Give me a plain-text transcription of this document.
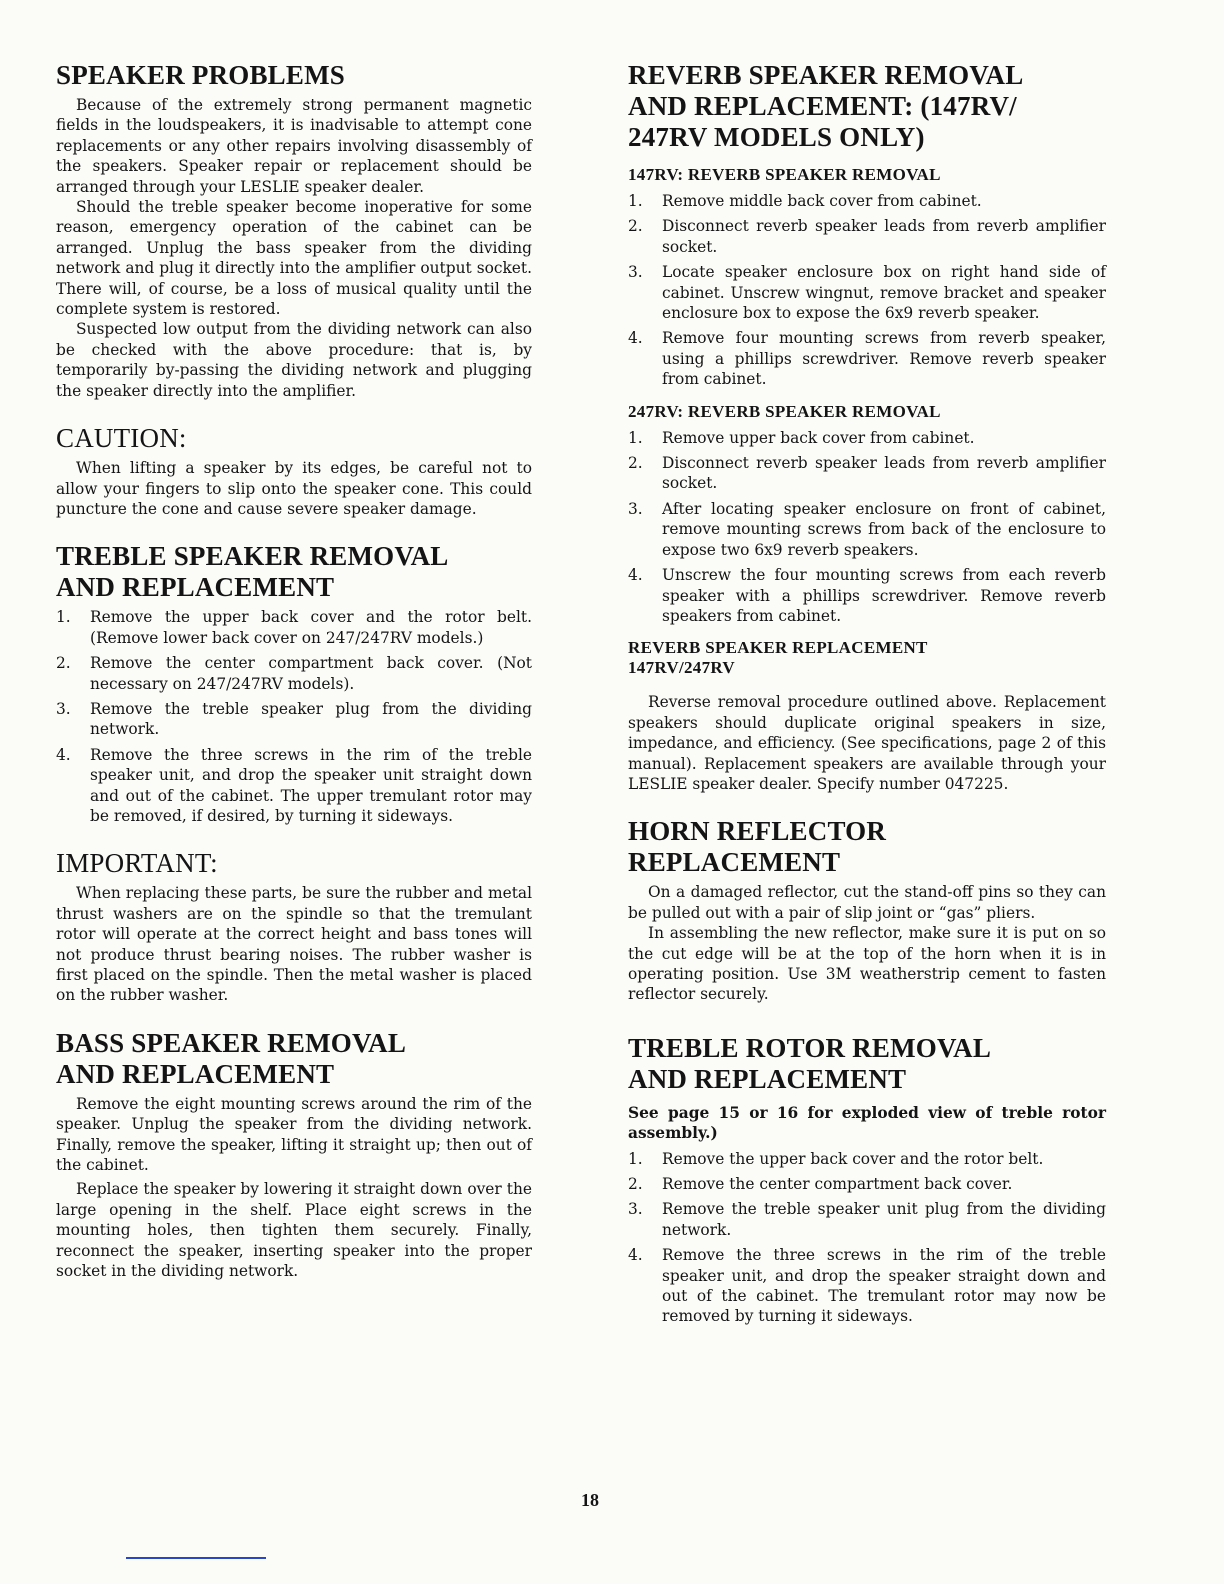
SPEAKER PROBLEMS

Because of the extremely strong permanent magnetic fields in the loudspeakers, it is inadvisable to attempt cone replacements or any other repairs involving disassembly of the speakers. Speaker repair or replacement should be arranged through your LESLIE speaker dealer.

Should the treble speaker become inoperative for some reason, emergency operation of the cabinet can be arranged. Unplug the bass speaker from the dividing network and plug it directly into the amplifier output socket. There will, of course, be a loss of musical quality until the complete system is restored.

Suspected low output from the dividing network can also be checked with the above procedure: that is, by temporarily by-passing the dividing network and plugging the speaker directly into the amplifier.

CAUTION:

When lifting a speaker by its edges, be careful not to allow your fingers to slip onto the speaker cone. This could puncture the cone and cause severe speaker damage.

TREBLE SPEAKER REMOVAL
AND REPLACEMENT
1. Remove the upper back cover and the rotor belt. (Remove lower back cover on 247/247RV models.)
2. Remove the center compartment back cover. (Not necessary on 247/247RV models).
3. Remove the treble speaker plug from the dividing network.
4. Remove the three screws in the rim of the treble speaker unit, and drop the speaker unit straight down and out of the cabinet. The upper tremulant rotor may be removed, if desired, by turning it sideways.
IMPORTANT:

When replacing these parts, be sure the rubber and metal thrust washers are on the spindle so that the tremulant rotor will operate at the correct height and bass tones will not produce thrust bearing noises. The rubber washer is first placed on the spindle. Then the metal washer is placed on the rubber washer.

BASS SPEAKER REMOVAL
AND REPLACEMENT

Remove the eight mounting screws around the rim of the speaker. Unplug the speaker from the dividing network. Finally, remove the speaker, lifting it straight up; then out of the cabinet.

Replace the speaker by lowering it straight down over the large opening in the shelf. Place eight screws in the mounting holes, then tighten them securely. Finally, reconnect the speaker, inserting speaker into the proper socket in the dividing network.

REVERB SPEAKER REMOVAL
AND REPLACEMENT: (147RV/
247RV MODELS ONLY)
147RV: REVERB SPEAKER REMOVAL
1. Remove middle back cover from cabinet.
2. Disconnect reverb speaker leads from reverb amplifier socket.
3. Locate speaker enclosure box on right hand side of cabinet. Unscrew wingnut, remove bracket and speaker enclosure box to expose the 6x9 reverb speaker.
4. Remove four mounting screws from reverb speaker, using a phillips screwdriver. Remove reverb speaker from cabinet.
247RV: REVERB SPEAKER REMOVAL
1. Remove upper back cover from cabinet.
2. Disconnect reverb speaker leads from reverb amplifier socket.
3. After locating speaker enclosure on front of cabinet, remove mounting screws from back of the enclosure to expose two 6x9 reverb speakers.
4. Unscrew the four mounting screws from each reverb speaker with a phillips screwdriver. Remove reverb speakers from cabinet.
REVERB SPEAKER REPLACEMENT
147RV/247RV

Reverse removal procedure outlined above. Replacement speakers should duplicate original speakers in size, impedance, and efficiency. (See specifications, page 2 of this manual). Replacement speakers are available through your LESLIE speaker dealer. Specify number 047225.

HORN REFLECTOR
REPLACEMENT

On a damaged reflector, cut the stand-off pins so they can be pulled out with a pair of slip joint or “gas” pliers.

In assembling the new reflector, make sure it is put on so the cut edge will be at the top of the horn when it is in operating position. Use 3M weatherstrip cement to fasten reflector securely.

TREBLE ROTOR REMOVAL
AND REPLACEMENT

See page 15 or 16 for exploded view of treble rotor assembly.)

1. Remove the upper back cover and the rotor belt.
2. Remove the center compartment back cover.
3. Remove the treble speaker unit plug from the dividing network.
4. Remove the three screws in the rim of the treble speaker unit, and drop the speaker straight down and out of the cabinet. The tremulant rotor may now be removed by turning it sideways.
18
